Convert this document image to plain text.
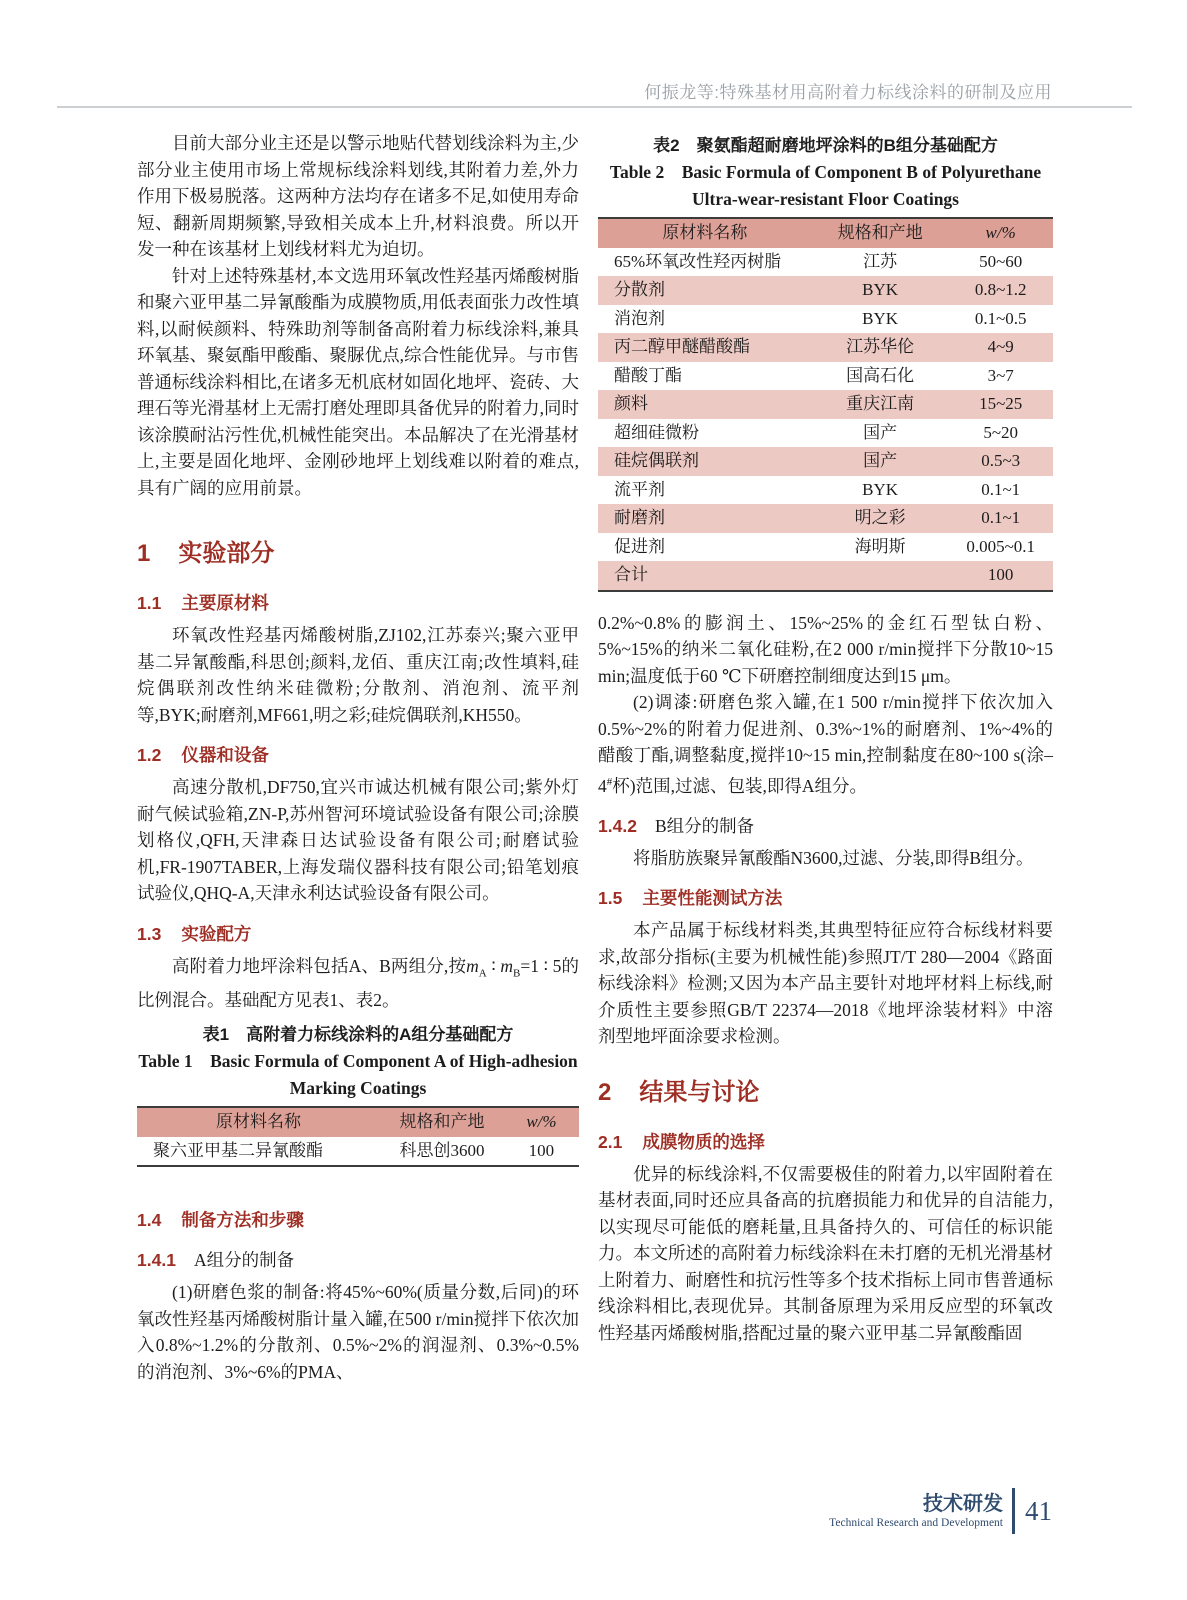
何振龙等:特殊基材用高附着力标线涂料的研制及应用

目前大部分业主还是以警示地贴代替划线涂料为主,少部分业主使用市场上常规标线涂料划线,其附着力差,外力作用下极易脱落。这两种方法均存在诸多不足,如使用寿命短、翻新周期频繁,导致相关成本上升,材料浪费。所以开发一种在该基材上划线材料尤为迫切。

针对上述特殊基材,本文选用环氧改性羟基丙烯酸树脂和聚六亚甲基二异氰酸酯为成膜物质,用低表面张力改性填料,以耐候颜料、特殊助剂等制备高附着力标线涂料,兼具环氧基、聚氨酯甲酸酯、聚脲优点,综合性能优异。与市售普通标线涂料相比,在诸多无机底材如固化地坪、瓷砖、大理石等光滑基材上无需打磨处理即具备优异的附着力,同时该涂膜耐沾污性优,机械性能突出。本品解决了在光滑基材上,主要是固化地坪、金刚砂地坪上划线难以附着的难点,具有广阔的应用前景。

1 实验部分
1.1 主要原材料

环氧改性羟基丙烯酸树脂,ZJ102,江苏泰兴;聚六亚甲基二异氰酸酯,科思创;颜料,龙佰、重庆江南;改性填料,硅烷偶联剂改性纳米硅微粉;分散剂、消泡剂、流平剂等,BYK;耐磨剂,MF661,明之彩;硅烷偶联剂,KH550。

1.2 仪器和设备

高速分散机,DF750,宜兴市诚达机械有限公司;紫外灯耐气候试验箱,ZN-P,苏州智河环境试验设备有限公司;涂膜划格仪,QFH,天津森日达试验设备有限公司;耐磨试验机,FR-1907TABER,上海发瑞仪器科技有限公司;铅笔划痕试验仪,QHQ-A,天津永利达试验设备有限公司。

1.3 实验配方

高附着力地坪涂料包括A、B两组分,按$m_A$ ∶ $m_B=1$ ∶ 5的比例混合。基础配方见表1、表2。

表1　高附着力标线涂料的A组分基础配方

Table 1 Basic Formula of Component A of High-adhesion Marking Coatings

原材料名称	规格和产地	w/%
聚六亚甲基二异氰酸酯	科思创3600	100
1.4 制备方法和步骤
1.4.1 A组分的制备

(1)研磨色浆的制备:将45%~60%(质量分数,后同)的环氧改性羟基丙烯酸树脂计量入罐,在500 r/min搅拌下依次加入0.8%~1.2%的分散剂、0.5%~2%的润湿剂、0.3%~0.5%的消泡剂、3%~6%的PMA、

表2　聚氨酯超耐磨地坪涂料的B组分基础配方

Table 2 Basic Formula of Component B of Polyurethane Ultra-wear-resistant Floor Coatings

原材料名称	规格和产地	w/%
65%环氧改性羟丙树脂	江苏	50~60
分散剂	BYK	0.8~1.2
消泡剂	BYK	0.1~0.5
丙二醇甲醚醋酸酯	江苏华伦	4~9
醋酸丁酯	国高石化	3~7
颜料	重庆江南	15~25
超细硅微粉	国产	5~20
硅烷偶联剂	国产	0.5~3
流平剂	BYK	0.1~1
耐磨剂	明之彩	0.1~1
促进剂	海明斯	0.005~0.1
合计		100

0.2%~0.8%的膨润土、15%~25%的金红石型钛白粉、5%~15%的纳米二氧化硅粉,在2 000 r/min搅拌下分散10~15 min;温度低于60 ℃下研磨控制细度达到15 μm。

(2)调漆:研磨色浆入罐,在1 500 r/min搅拌下依次加入0.5%~2%的附着力促进剂、0.3%~1%的耐磨剂、1%~4%的醋酸丁酯,调整黏度,搅拌10~15 min,控制黏度在80~100 s(涂–4#杯)范围,过滤、包装,即得A组分。

1.4.2 B组分的制备

将脂肪族聚异氰酸酯N3600,过滤、分装,即得B组分。

1.5 主要性能测试方法

本产品属于标线材料类,其典型特征应符合标线材料要求,故部分指标(主要为机械性能)参照JT/T 280—2004《路面标线涂料》检测;又因为本产品主要针对地坪材料上标线,耐介质性主要参照GB/T 22374—2018《地坪涂装材料》中溶剂型地坪面涂要求检测。

2 结果与讨论
2.1 成膜物质的选择

优异的标线涂料,不仅需要极佳的附着力,以牢固附着在基材表面,同时还应具备高的抗磨损能力和优异的自洁能力,以实现尽可能低的磨耗量,且具备持久的、可信任的标识能力。本文所述的高附着力标线涂料在未打磨的无机光滑基材上附着力、耐磨性和抗污性等多个技术指标上同市售普通标线涂料相比,表现优异。其制备原理为采用反应型的环氧改性羟基丙烯酸树脂,搭配过量的聚六亚甲基二异氰酸酯固

技术研发
Technical Research and Development 41
